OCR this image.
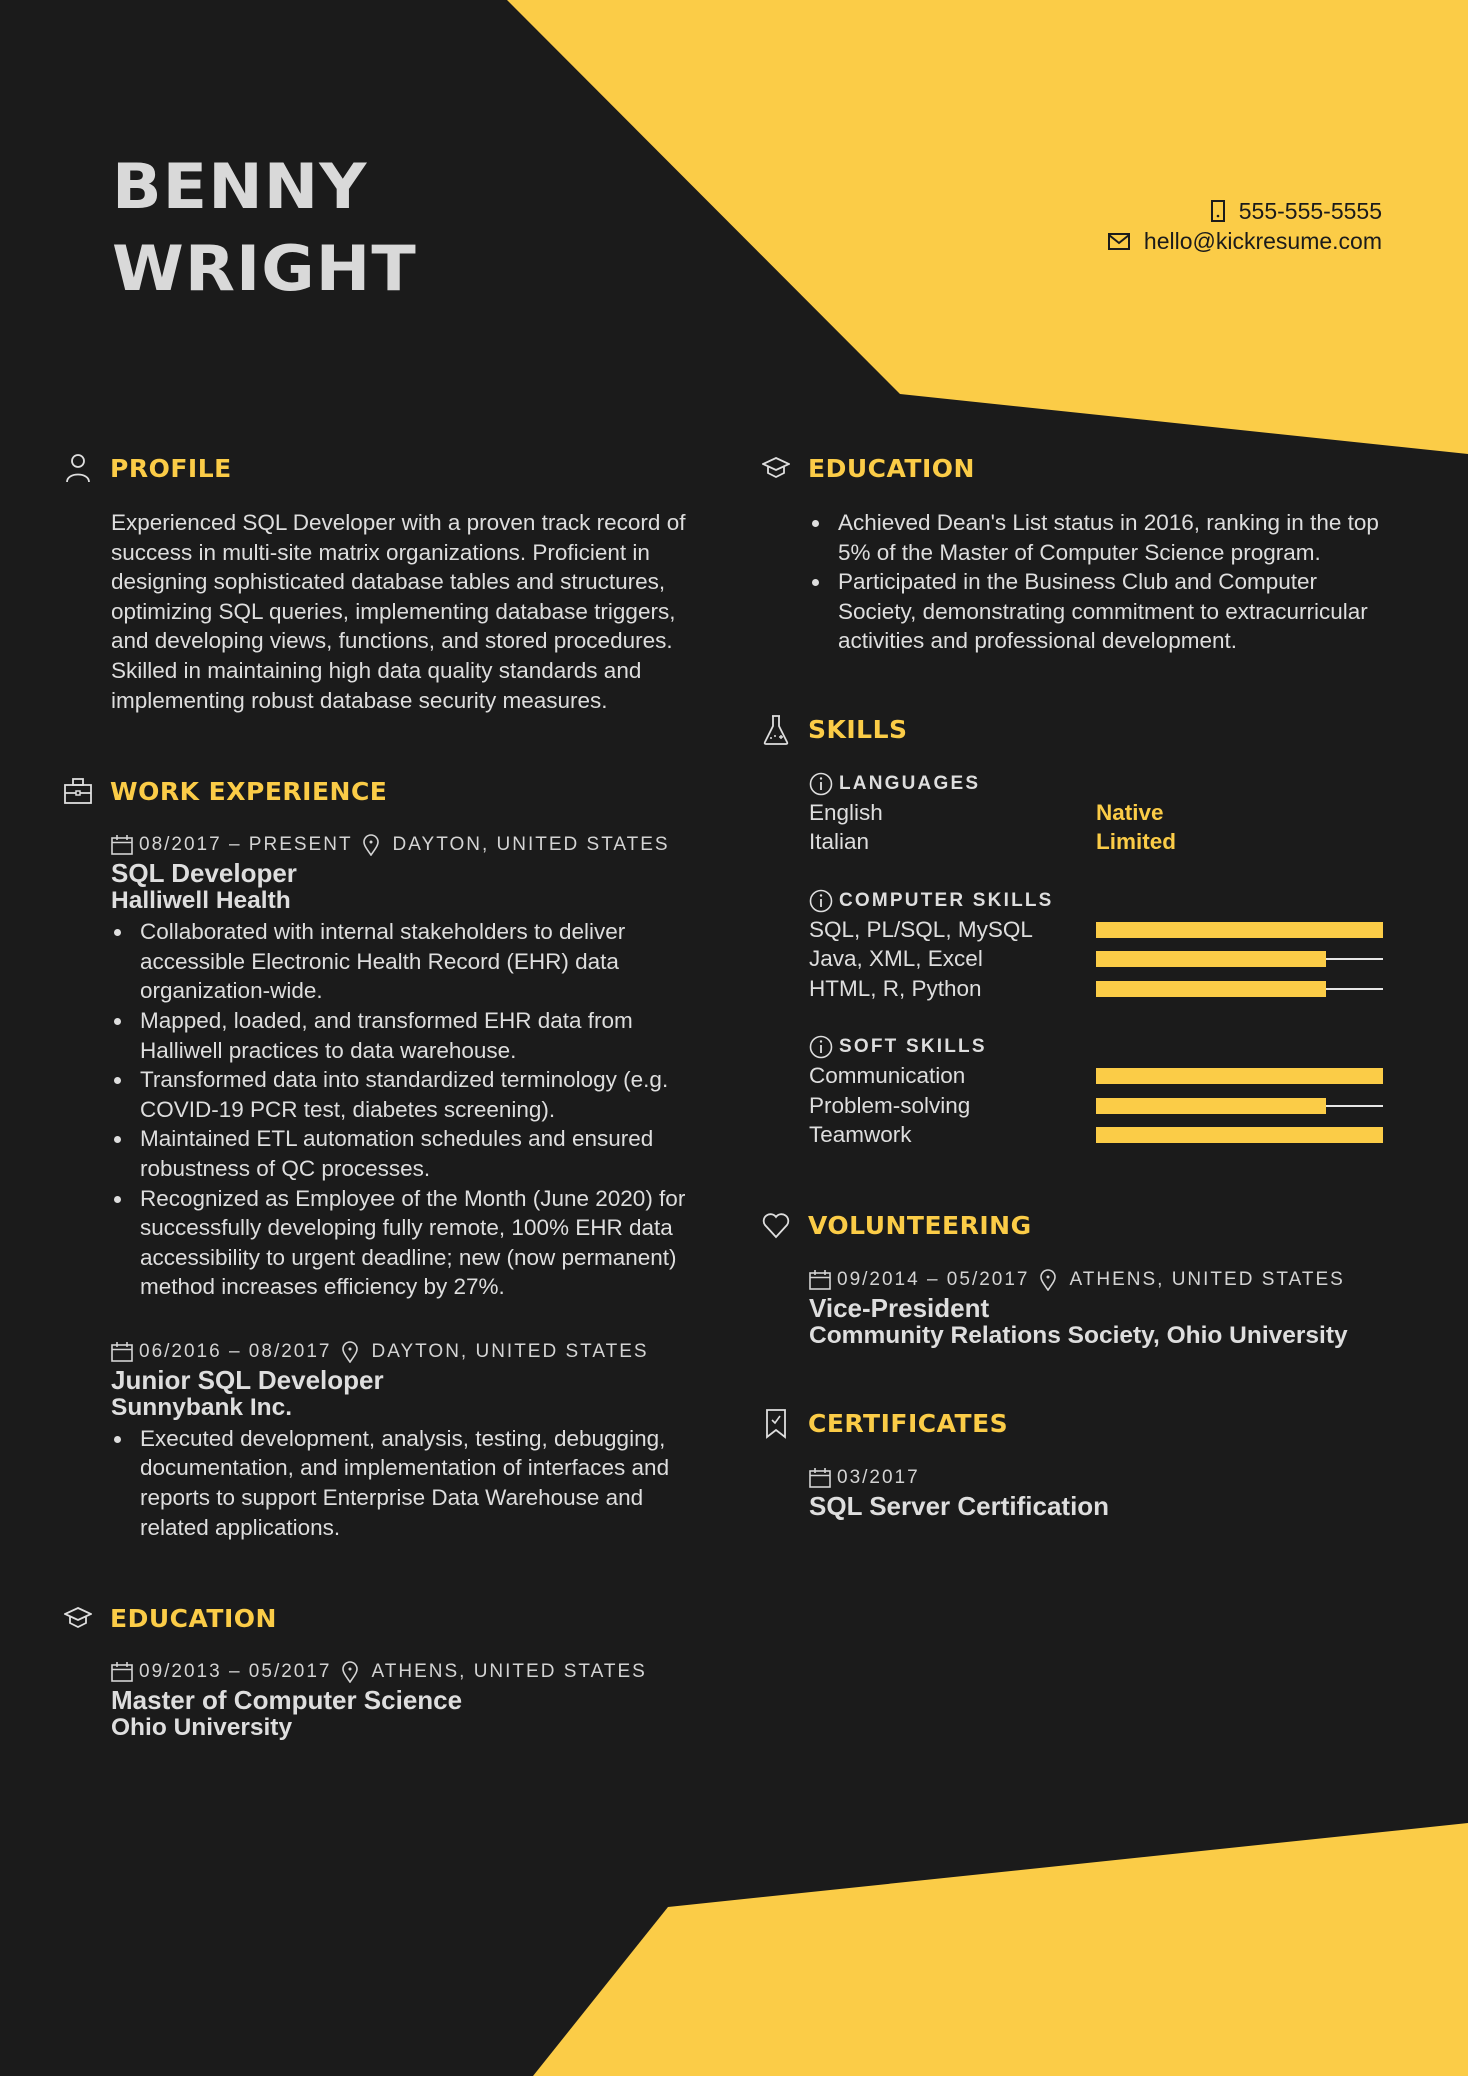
BENNY
WRIGHT
555-555-5555
hello@kickresume.com
PROFILE

Experienced SQL Developer with a proven track record of success in multi-site matrix organizations. Proficient in designing sophisticated database tables and structures, optimizing SQL queries, implementing database triggers, and developing views, functions, and stored procedures. Skilled in maintaining high data quality standards and implementing robust database security measures.

WORK EXPERIENCE
08/2017 – PRESENT DAYTON, UNITED STATES
SQL Developer
Halliwell Health
Collaborated with internal stakeholders to deliver accessible Electronic Health Record (EHR) data organization-wide.
Mapped, loaded, and transformed EHR data from Halliwell practices to data warehouse.
Transformed data into standardized terminology (e.g. COVID-19 PCR test, diabetes screening).
Maintained ETL automation schedules and ensured robustness of QC processes.
Recognized as Employee of the Month (June 2020) for successfully developing fully remote, 100% EHR data accessibility to urgent deadline; new (now permanent) method increases efficiency by 27%.
06/2016 – 08/2017 DAYTON, UNITED STATES
Junior SQL Developer
Sunnybank Inc.
Executed development, analysis, testing, debugging, documentation, and implementation of interfaces and reports to support Enterprise Data Warehouse and related applications.
EDUCATION
09/2013 – 05/2017 ATHENS, UNITED STATES
Master of Computer Science
Ohio University
EDUCATION
Achieved Dean's List status in 2016, ranking in the top 5% of the Master of Computer Science program.
Participated in the Business Club and Computer Society, demonstrating commitment to extracurricular activities and professional development.
SKILLS
LANGUAGES
English	Native
Italian	Limited
COMPUTER SKILLS
SQL, PL/SQL, MySQL
Java, XML, Excel
HTML, R, Python
SOFT SKILLS
Communication
Problem-solving
Teamwork
VOLUNTEERING
09/2014 – 05/2017 ATHENS, UNITED STATES
Vice-President
Community Relations Society, Ohio University
CERTIFICATES
03/2017
SQL Server Certification
